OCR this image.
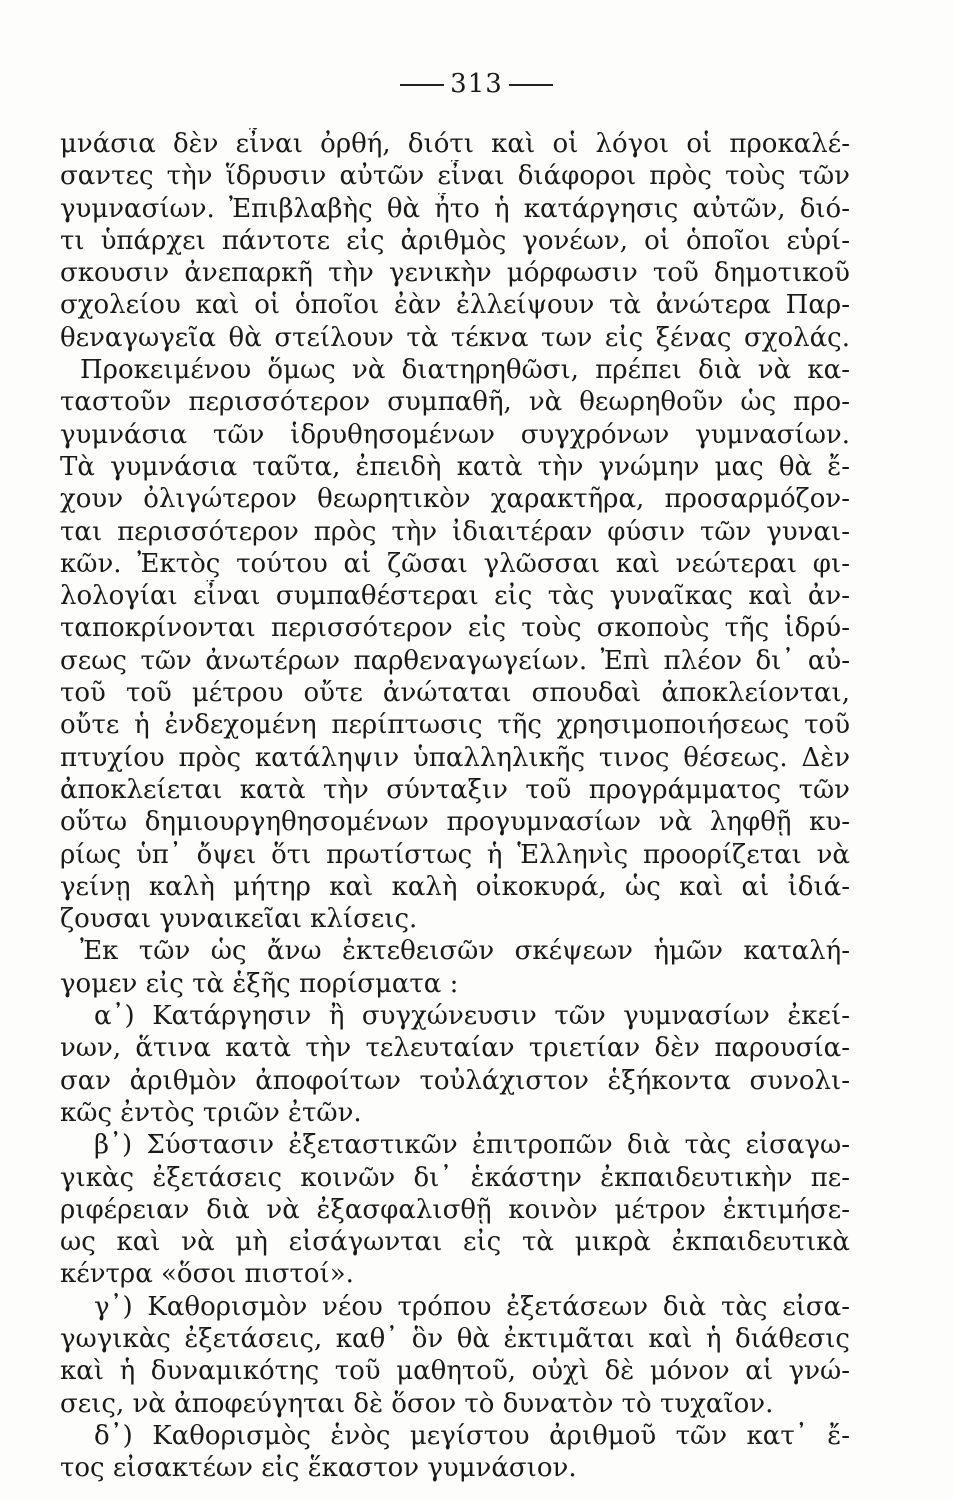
313
μνάσια δὲν εἶναι ὀρθή, διότι καὶ οἱ λόγοι οἱ προκαλέ-
σαντες τὴν ἵδρυσιν αὐτῶν εἶναι διάφοροι πρὸς τοὺς τῶν
γυμνασίων. Ἐπιβλαβὴς θὰ ἦτο ἡ κατάργησις αὐτῶν, διό-
τι ὑπάρχει πάντοτε εἰς ἀριθμὸς γονέων, οἱ ὁποῖοι εὑρί-
σκουσιν ἀνεπαρκῆ τὴν γενικὴν μόρφωσιν τοῦ δημοτικοῦ
σχολείου καὶ οἱ ὁποῖοι ἐὰν ἐλλείψουν τὰ ἀνώτερα Παρ-
θεναγωγεῖα θὰ στείλουν τὰ τέκνα των εἰς ξένας σχολάς.
Προκειμένου ὅμως νὰ διατηρηθῶσι, πρέπει διὰ νὰ κα-
ταστοῦν περισσότερον συμπαθῆ, νὰ θεωρηθοῦν ὡς προ-
γυμνάσια τῶν ἱδρυθησομένων συγχρόνων γυμνασίων.
Τὰ γυμνάσια ταῦτα, ἐπειδὴ κατὰ τὴν γνώμην μας θὰ ἔ-
χουν ὀλιγώτερον θεωρητικὸν χαρακτῆρα, προσαρμόζον-
ται περισσότερον πρὸς τὴν ἰδιαιτέραν φύσιν τῶν γυναι-
κῶν. Ἐκτὸς τούτου αἱ ζῶσαι γλῶσσαι καὶ νεώτεραι φι-
λολογίαι εἶναι συμπαθέστεραι εἰς τὰς γυναῖκας καὶ ἀν-
ταποκρίνονται περισσότερον εἰς τοὺς σκοποὺς τῆς ἱδρύ-
σεως τῶν ἀνωτέρων παρθεναγωγείων. Ἐπὶ πλέον δι᾿ αὐ-
τοῦ τοῦ μέτρου οὔτε ἀνώταται σπουδαὶ ἀποκλείονται,
οὔτε ἡ ἐνδεχομένη περίπτωσις τῆς χρησιμοποιήσεως τοῦ
πτυχίου πρὸς κατάληψιν ὑπαλληλικῆς τινος θέσεως. Δὲν
ἀποκλείεται κατὰ τὴν σύνταξιν τοῦ προγράμματος τῶν
οὕτω δημιουργηθησομένων προγυμνασίων νὰ ληφθῇ κυ-
ρίως ὑπ᾿ ὄψει ὅτι πρωτίστως ἡ Ἑλληνὶς προορίζεται νὰ
γείνῃ καλὴ μήτηρ καὶ καλὴ οἰκοκυρά, ὡς καὶ αἱ ἰδιά-
ζουσαι γυναικεῖαι κλίσεις.
Ἐκ τῶν ὡς ἄνω ἐκτεθεισῶν σκέψεων ἡμῶν καταλή-
γομεν εἰς τὰ ἑξῆς πορίσματα :
α᾿) Κατάργησιν ἢ συγχώνευσιν τῶν γυμνασίων ἐκεί-
νων, ἅτινα κατὰ τὴν τελευταίαν τριετίαν δὲν παρουσία-
σαν ἀριθμὸν ἀποφοίτων τοὐλάχιστον ἑξήκοντα συνολι-
κῶς ἐντὸς τριῶν ἐτῶν.
β᾿) Σύστασιν ἐξεταστικῶν ἐπιτροπῶν διὰ τὰς εἰσαγω-
γικὰς ἐξετάσεις κοινῶν δι᾿ ἑκάστην ἐκπαιδευτικὴν πε-
ριφέρειαν διὰ νὰ ἐξασφαλισθῇ κοινὸν μέτρον ἐκτιμήσε-
ως καὶ νὰ μὴ εἰσάγωνται εἰς τὰ μικρὰ ἐκπαιδευτικὰ
κέντρα «ὅσοι πιστοί».
γ᾿) Καθορισμὸν νέου τρόπου ἐξετάσεων διὰ τὰς εἰσα-
γωγικὰς ἐξετάσεις, καθ᾿ ὃν θὰ ἐκτιμᾶται καὶ ἡ διάθεσις
καὶ ἡ δυναμικότης τοῦ μαθητοῦ, οὐχὶ δὲ μόνον αἱ γνώ-
σεις, νὰ ἀποφεύγηται δὲ ὅσον τὸ δυνατὸν τὸ τυχαῖον.
δ᾿) Καθορισμὸς ἑνὸς μεγίστου ἀριθμοῦ τῶν κατ᾿ ἔ-
τος εἰσακτέων εἰς ἕκαστον γυμνάσιον.
